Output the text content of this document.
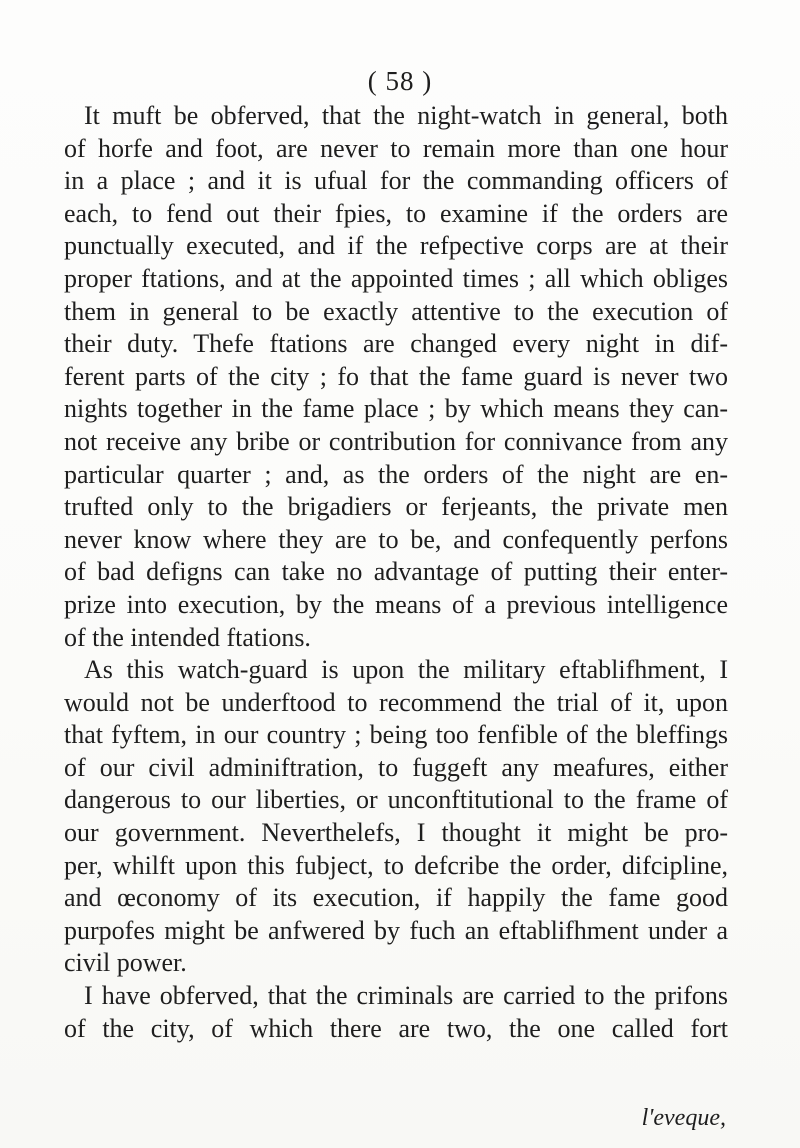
( 58 )
It muft be obferved, that the night-watch in general, both
of horfe and foot, are never to remain more than one hour
in a place ; and it is ufual for the commanding officers of
each, to fend out their fpies, to examine if the orders are
punctually executed, and if the refpective corps are at their
proper ftations, and at the appointed times ; all which obliges
them in general to be exactly attentive to the execution of
their duty. Thefe ftations are changed every night in dif-
ferent parts of the city ; fo that the fame guard is never two
nights together in the fame place ; by which means they can-
not receive any bribe or contribution for connivance from any
particular quarter ; and, as the orders of the night are en-
trufted only to the brigadiers or ferjeants, the private men
never know where they are to be, and confequently perfons
of bad defigns can take no advantage of putting their enter-
prize into execution, by the means of a previous intelligence
of the intended ftations.
As this watch-guard is upon the military eftablifhment, I
would not be underftood to recommend the trial of it, upon
that fyftem, in our country ; being too fenfible of the bleffings
of our civil adminiftration, to fuggeft any meafures, either
dangerous to our liberties, or unconftitutional to the frame of
our government. Neverthelefs, I thought it might be pro-
per, whilft upon this fubject, to defcribe the order, difcipline,
and œconomy of its execution, if happily the fame good
purpofes might be anfwered by fuch an eftablifhment under a
civil power.
I have obferved, that the criminals are carried to the prifons
of the city, of which there are two, the one called fort
l'eveque,
